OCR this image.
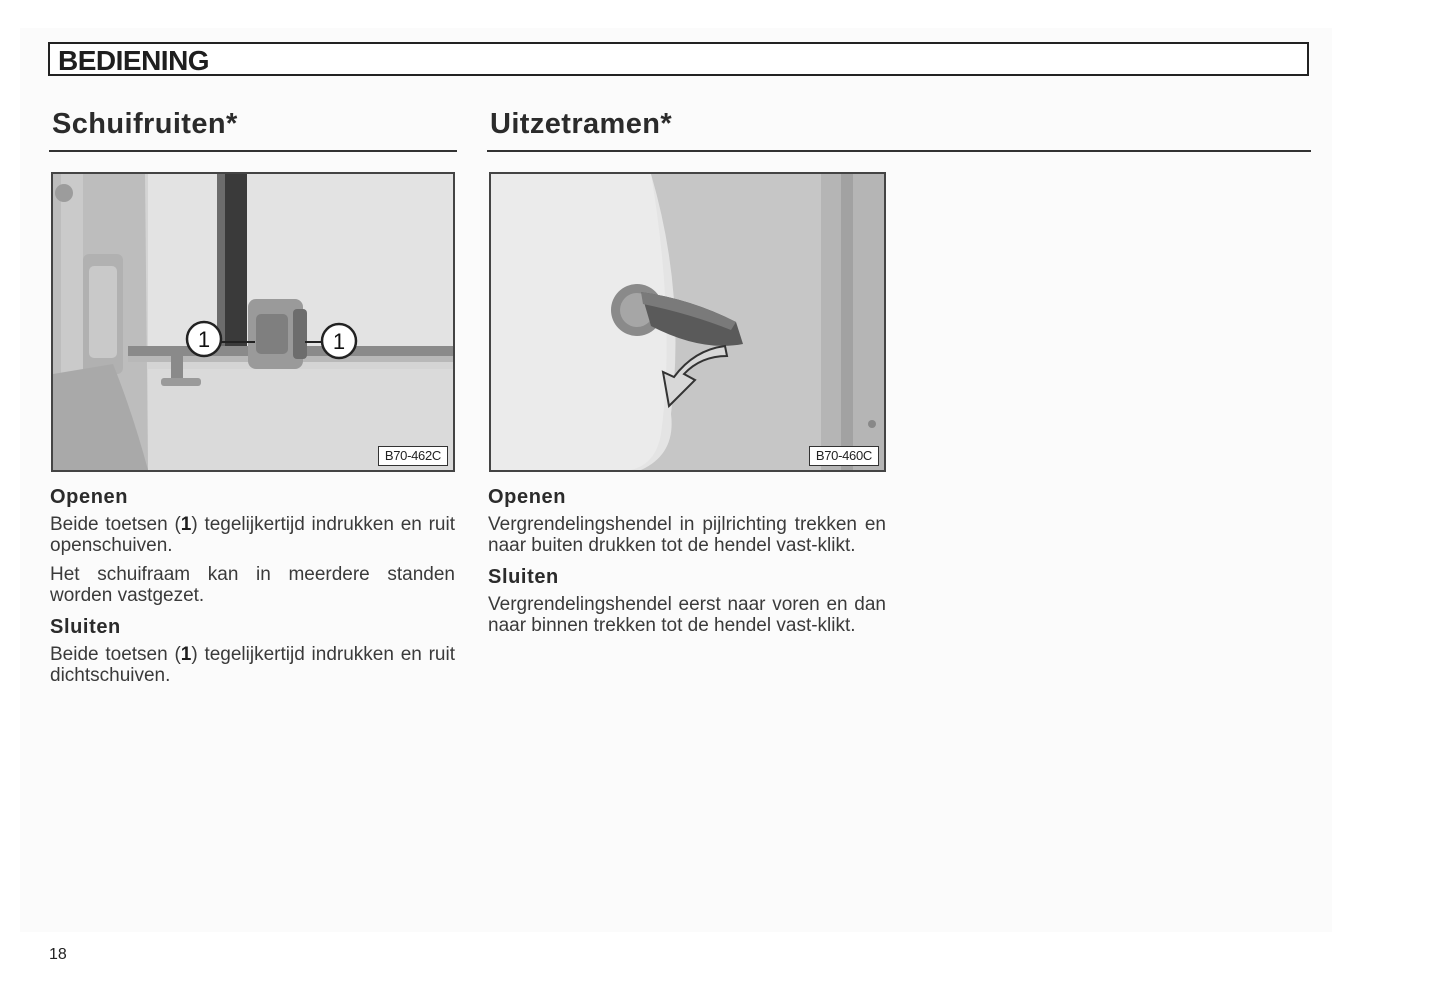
BEDIENING
Schuifruiten*
1	1
B70-462C

Openen

Beide toetsen (1) tegelijkertijd indrukken en ruit openschuiven.

Het schuifraam kan in meerdere standen worden vastgezet.

Sluiten

Beide toetsen (1) tegelijkertijd indrukken en ruit dichtschuiven.

Uitzetramen*
B70-460C

Openen

Vergrendelingshendel in pijlrichting trekken en naar buiten drukken tot de hendel vast-klikt.

Sluiten

Vergrendelingshendel eerst naar voren en dan naar binnen trekken tot de hendel vast-klikt.

18
